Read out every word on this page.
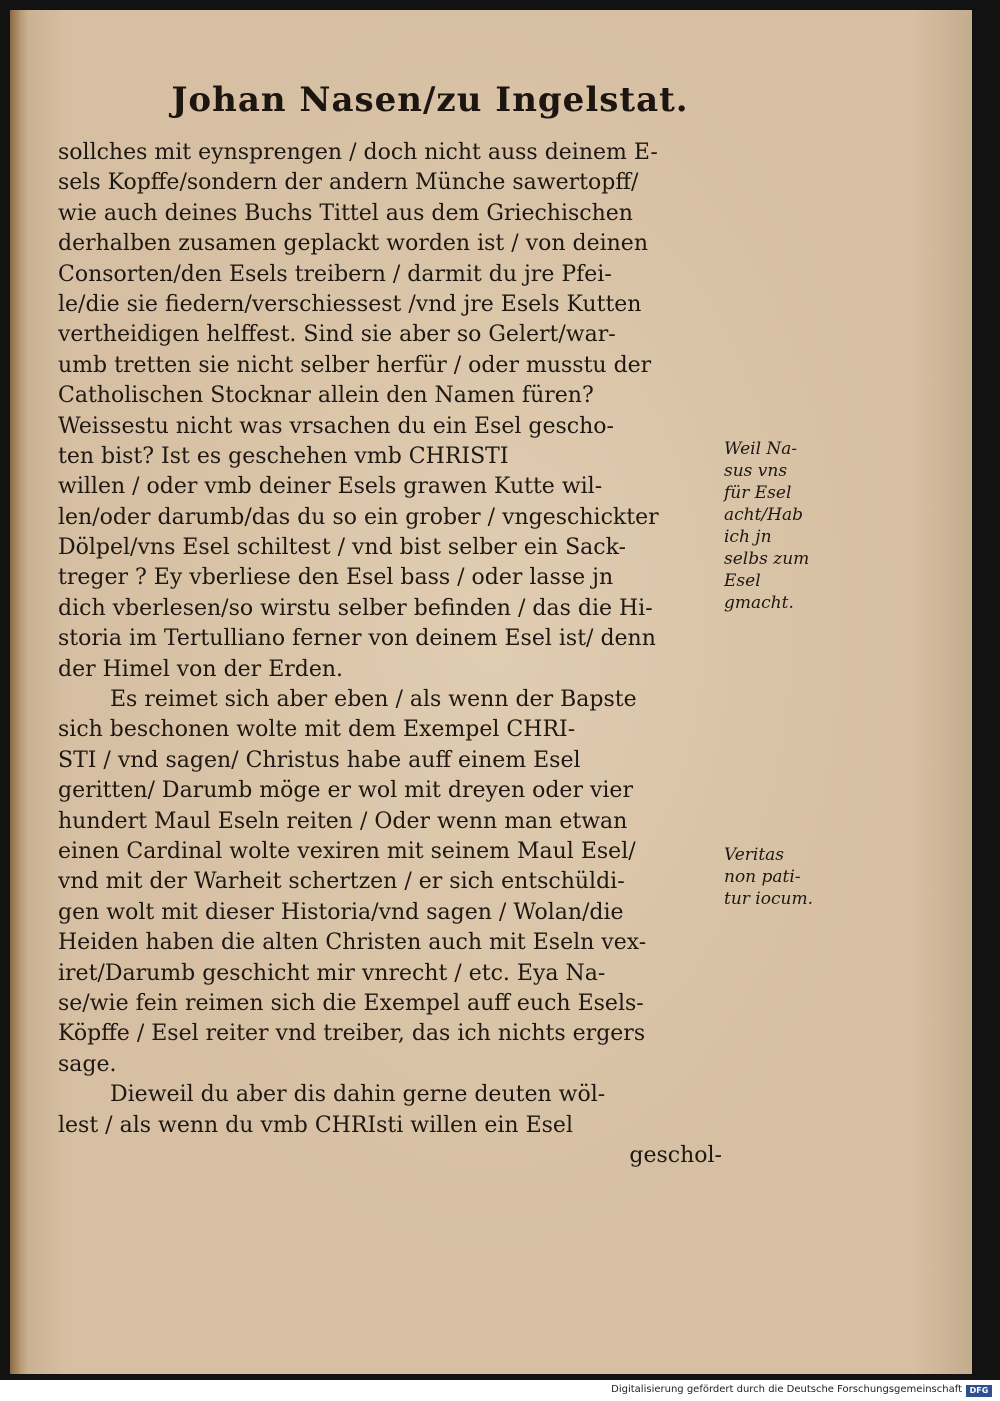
Johan Nasen/zu Ingelstat.
sollches mit eynsprengen / doch nicht auss deinem E-
sels Kopffe/sondern der andern Münche sawertopff/
wie auch deines Buchs Tittel aus dem Griechischen
derhalben zusamen geplackt worden ist / von deinen
Consorten/den Esels treibern / darmit du jre Pfei-
le/die sie fiedern/verschiessest /vnd jre Esels Kutten
vertheidigen helffest. Sind sie aber so Gelert/war-
umb tretten sie nicht selber herfür / oder musstu der
Catholischen Stocknar allein den Namen füren?
Weissestu nicht was vrsachen du ein Esel gescho-
ten bist? Ist es geschehen vmb CHRISTI
willen / oder vmb deiner Esels grawen Kutte wil-
len/oder darumb/das du so ein grober / vngeschickter
Dölpel/vns Esel schiltest / vnd bist selber ein Sack-
treger ? Ey vberliese den Esel bass / oder lasse jn
dich vberlesen/so wirstu selber befinden / das die Hi-
storia im Tertulliano ferner von deinem Esel ist/ denn
der Himel von der Erden.
Es reimet sich aber eben / als wenn der Bapste
sich beschonen wolte mit dem Exempel CHRI-
STI / vnd sagen/ Christus habe auff einem Esel
geritten/ Darumb möge er wol mit dreyen oder vier
hundert Maul Eseln reiten / Oder wenn man etwan
einen Cardinal wolte vexiren mit seinem Maul Esel/
vnd mit der Warheit schertzen / er sich entschüldi-
gen wolt mit dieser Historia/vnd sagen / Wolan/die
Heiden haben die alten Christen auch mit Eseln vex-
iret/Darumb geschicht mir vnrecht / etc. Eya Na-
se/wie fein reimen sich die Exempel auff euch Esels-
Köpffe / Esel reiter vnd treiber, das ich nichts ergers
sage.
Dieweil du aber dis dahin gerne deuten wöl-
lest / als wenn du vmb CHRIsti willen ein Esel
geschol-
Weil Na-
sus vns
für Esel
acht/Hab
ich jn
selbs zum
Esel
gmacht.
Veritas
non pati-
tur iocum.
Digitalisierung gefördert durch die Deutsche Forschungsgemeinschaft DFG
